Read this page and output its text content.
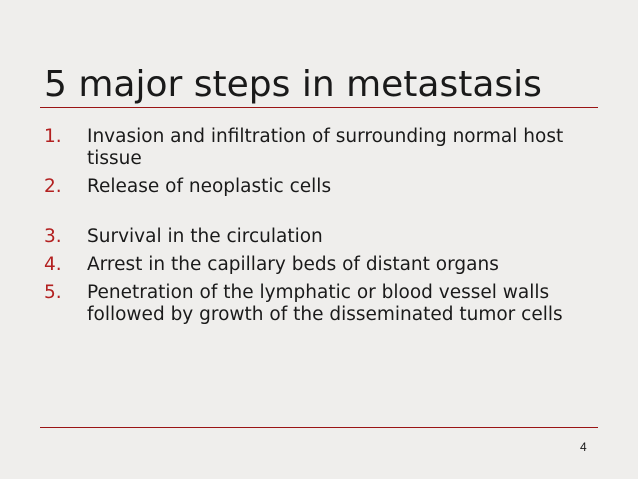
5 major steps in metastasis
1. Invasion and infiltration of surrounding normal host tissue
2. Release of neoplastic cells
3. Survival in the circulation
4. Arrest in the capillary beds of distant organs
5. Penetration of the lymphatic or blood vessel walls followed by growth of the disseminated tumor cells
4
